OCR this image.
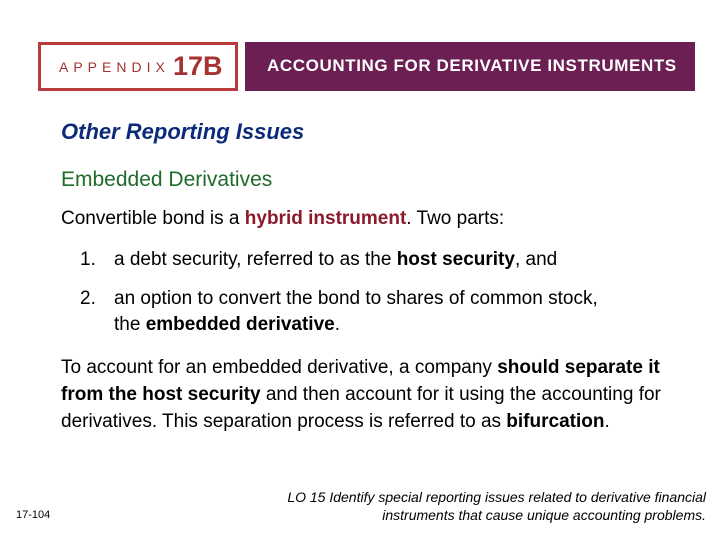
APPENDIX 17B	ACCOUNTING FOR DERIVATIVE INSTRUMENTS
Other Reporting Issues
Embedded Derivatives
Convertible bond is a hybrid instrument. Two parts:
1. a debt security, referred to as the host security, and
2. an option to convert the bond to shares of common stock,
the embedded derivative.
To account for an embedded derivative, a company should separate it from the host security and then account for it using the accounting for derivatives. This separation process is referred to as bifurcation.
17-104
LO 15 Identify special reporting issues related to derivative financial
instruments that cause unique accounting problems.
